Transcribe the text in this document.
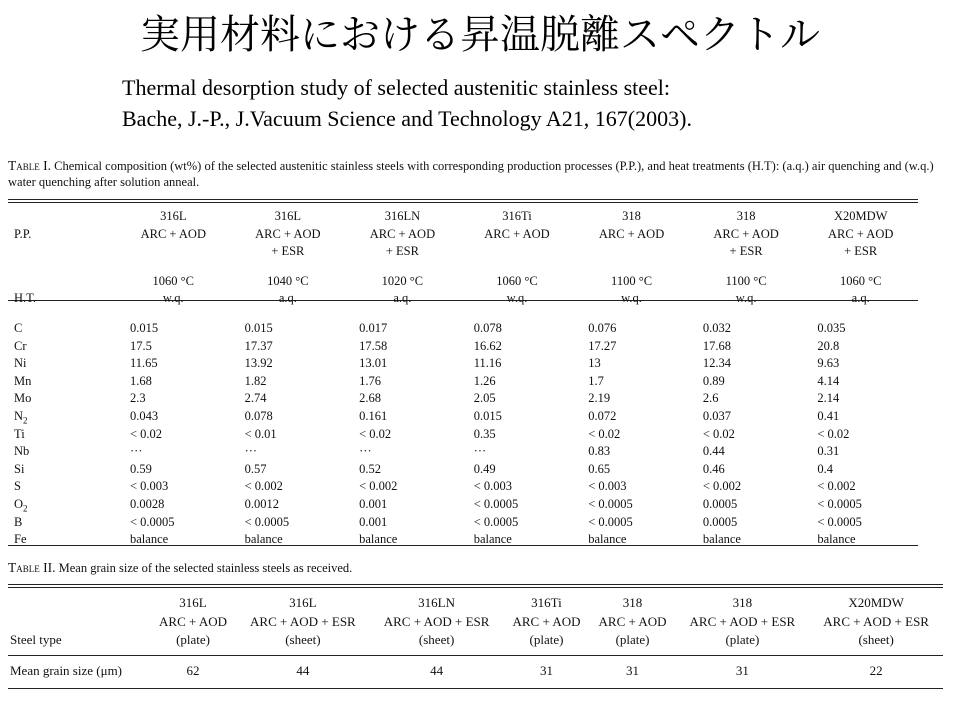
実用材料における昇温脱離スペクトル
Thermal desorption study of selected austenitic stainless steel:
Bache, J.-P., J.Vacuum Science and Technology A21, 167(2003).
Table I. Chemical composition (wt%) of the selected austenitic stainless steels with corresponding production processes (P.P.), and heat treatments (H.T): (a.q.) air quenching and (w.q.) water quenching after solution anneal.
	316L	316L	316LN	316Ti	318	318	X20MDW
P.P.	ARC + AOD	ARC + AOD	ARC + AOD	ARC + AOD	ARC + AOD	ARC + AOD	ARC + AOD
		+ ESR	+ ESR			+ ESR	+ ESR

	1060 °C	1040 °C	1020 °C	1060 °C	1100 °C	1100 °C	1060 °C
H.T.	w.q.	a.q.	a.q.	w.q.	w.q.	w.q.	a.q.

C	0.015	0.015	0.017	0.078	0.076	0.032	0.035
Cr	17.5	17.37	17.58	16.62	17.27	17.68	20.8
Ni	11.65	13.92	13.01	11.16	13	12.34	9.63
Mn	1.68	1.82	1.76	1.26	1.7	0.89	4.14
Mo	2.3	2.74	2.68	2.05	2.19	2.6	2.14
$N_2$	0.043	0.078	0.161	0.015	0.072	0.037	0.41
Ti	< 0.02	< 0.01	< 0.02	0.35	< 0.02	< 0.02	< 0.02
Nb	···	···	···	···	0.83	0.44	0.31
Si	0.59	0.57	0.52	0.49	0.65	0.46	0.4
S	< 0.003	< 0.002	< 0.002	< 0.003	< 0.003	< 0.002	< 0.002
$O_2$	0.0028	0.0012	0.001	< 0.0005	< 0.0005	0.0005	< 0.0005
B	< 0.0005	< 0.0005	0.001	< 0.0005	< 0.0005	0.0005	< 0.0005
Fe	balance	balance	balance	balance	balance	balance	balance
Table II. Mean grain size of the selected stainless steels as received.
	316L	316L	316LN	316Ti	318	318	X20MDW
	ARC + AOD	ARC + AOD + ESR	ARC + AOD + ESR	ARC + AOD	ARC + AOD	ARC + AOD + ESR	ARC + AOD + ESR
Steel type	(plate)	(sheet)	(sheet)	(plate)	(plate)	(plate)	(sheet)

Mean grain size (μm)	62	44	44	31	31	31	22
